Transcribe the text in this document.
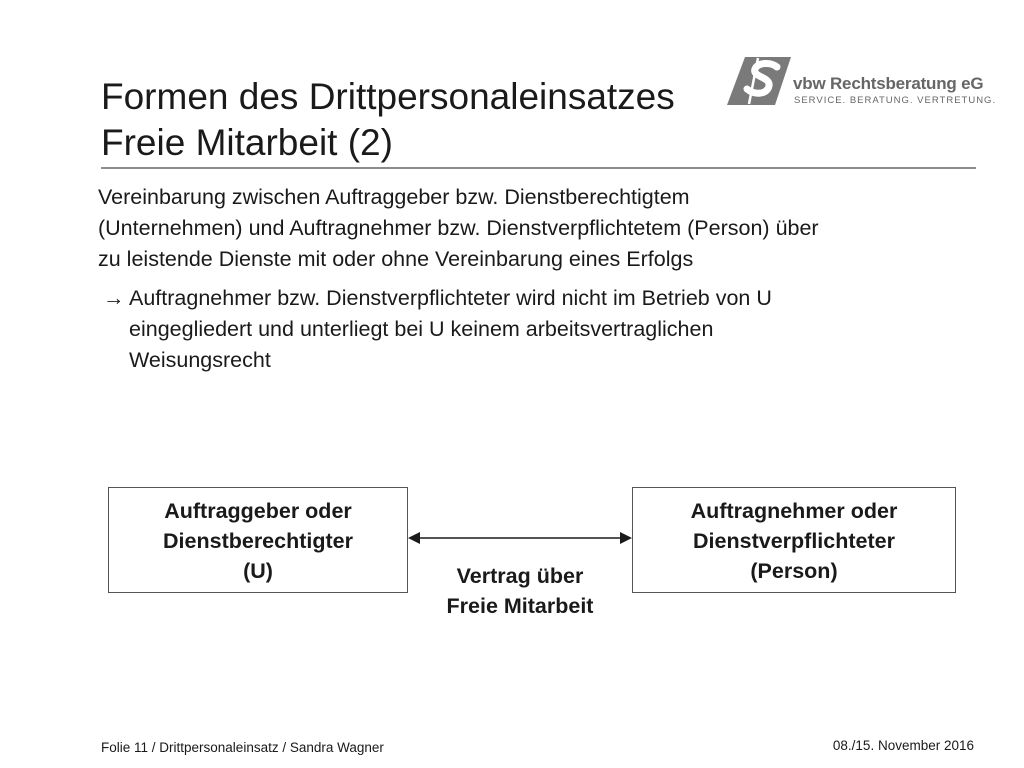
Formen des Drittpersonaleinsatzes
Freie Mitarbeit (2)
vbw Rechtsberatung eG
SERVICE. BERATUNG. VERTRETUNG.

Vereinbarung zwischen Auftraggeber bzw. Dienstberechtigtem
(Unternehmen) und Auftragnehmer bzw. Dienstverpflichtetem (Person) über
zu leistende Dienste mit oder ohne Vereinbarung eines Erfolgs

→ Auftragnehmer bzw. Dienstverpflichteter wird nicht im Betrieb von U
eingegliedert und unterliegt bei U keinem arbeitsvertraglichen
Weisungsrecht
Auftraggeber oder
Dienstberechtigter
(U)
Auftragnehmer oder
Dienstverpflichteter
(Person)
Vertrag über
Freie Mitarbeit
Folie 11 / Drittpersonaleinsatz / Sandra Wagner	08./15. November 2016
